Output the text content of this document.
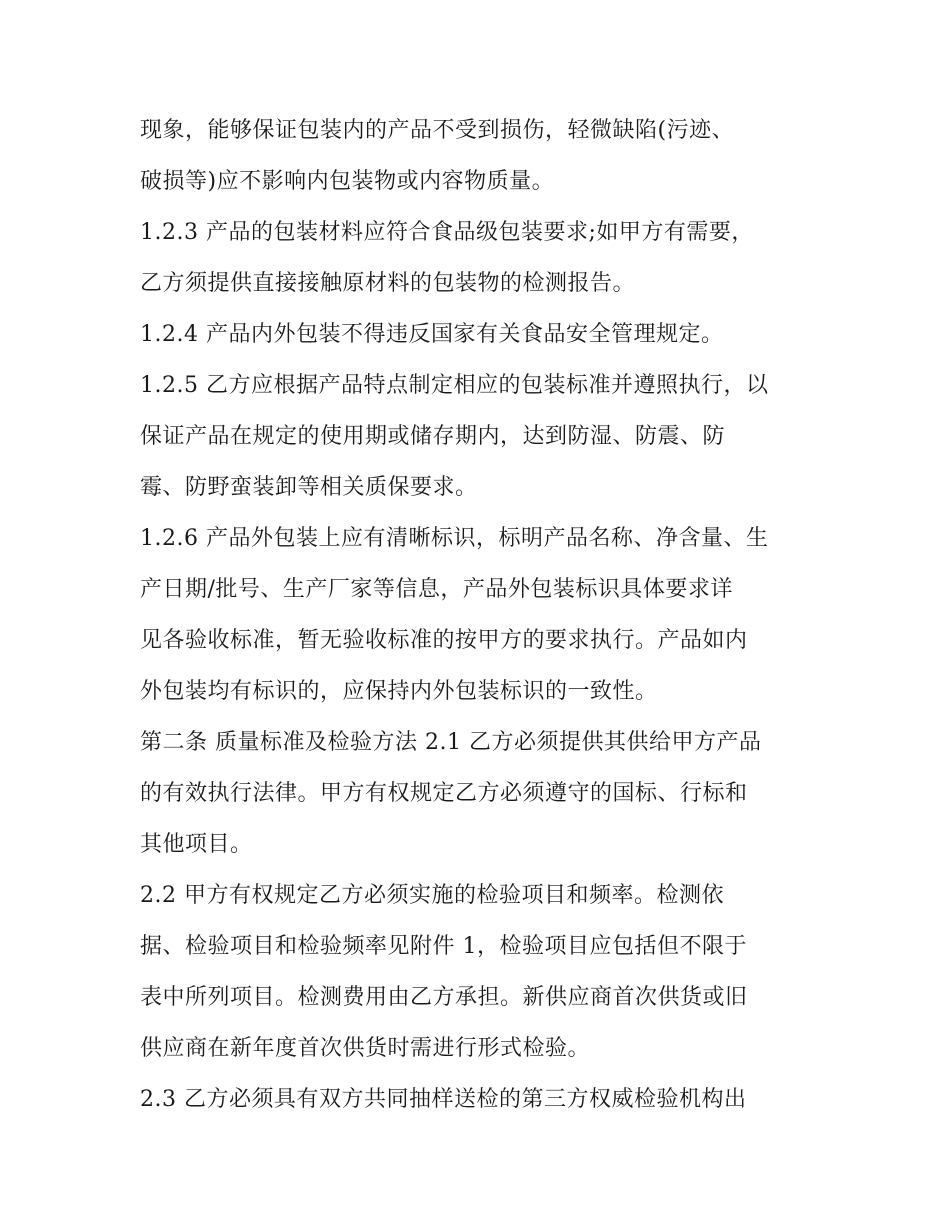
现象，能够保证包装内的产品不受到损伤，轻微缺陷(污迹、
破损等)应不影响内包装物或内容物质量。
1.2.3 产品的包装材料应符合食品级包装要求;如甲方有需要，
乙方须提供直接接触原材料的包装物的检测报告。
1.2.4 产品内外包装不得违反国家有关食品安全管理规定。
1.2.5 乙方应根据产品特点制定相应的包装标准并遵照执行，以
保证产品在规定的使用期或储存期内，达到防湿、防震、防
霉、防野蛮装卸等相关质保要求。
1.2.6 产品外包装上应有清晰标识，标明产品名称、净含量、生
产日期/批号、生产厂家等信息，产品外包装标识具体要求详
见各验收标准，暂无验收标准的按甲方的要求执行。产品如内
外包装均有标识的，应保持内外包装标识的一致性。
第二条 质量标准及检验方法 2.1 乙方必须提供其供给甲方产品
的有效执行法律。甲方有权规定乙方必须遵守的国标、行标和
其他项目。
2.2 甲方有权规定乙方必须实施的检验项目和频率。检测依
据、检验项目和检验频率见附件 1，检验项目应包括但不限于
表中所列项目。检测费用由乙方承担。新供应商首次供货或旧
供应商在新年度首次供货时需进行形式检验。
2.3 乙方必须具有双方共同抽样送检的第三方权威检验机构出
